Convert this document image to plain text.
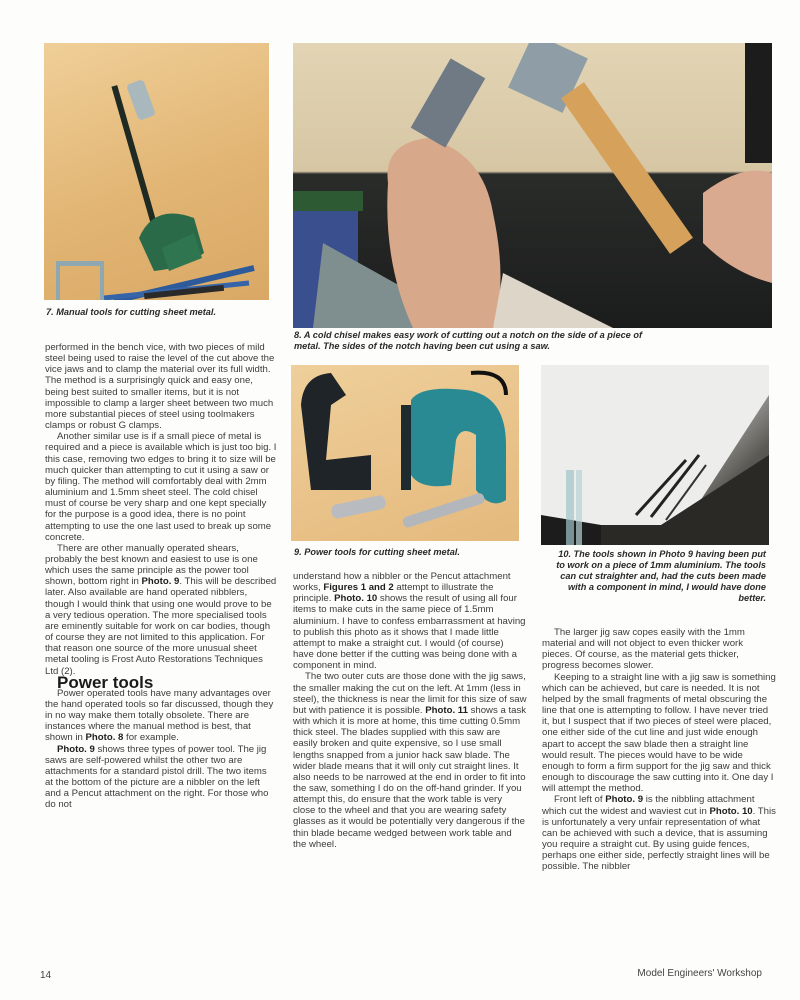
7. Manual tools for cutting sheet metal.
8. A cold chisel makes easy work of cutting out a notch on the side of a piece of metal. The sides of the notch having been cut using a saw.
9. Power tools for cutting sheet metal.	10. The tools shown in Photo 9 having been put to work on a piece of 1mm aluminium. The tools can cut straighter and, had the cuts been made with a component in mind, I would have done better.

performed in the bench vice, with two pieces of mild steel being used to raise the level of the cut above the vice jaws and to clamp the material over its full width. The method is a surprisingly quick and easy one, being best suited to smaller items, but it is not impossible to clamp a larger sheet between two much more substantial pieces of steel using toolmakers clamps or robust G clamps.

Another similar use is if a small piece of metal is required and a piece is available which is just too big. I this case, removing two edges to bring it to size will be much quicker than attempting to cut it using a saw or by filing. The method will comfortably deal with 2mm aluminium and 1.5mm sheet steel. The cold chisel must of course be very sharp and one kept specially for the purpose is a good idea, there is no point attempting to use the one last used to break up some concrete.

There are other manually operated shears, probably the best known and easiest to use is one which uses the same principle as the power tool shown, bottom right in Photo. 9. This will be described later. Also available are hand operated nibblers, though I would think that using one would prove to be a very tedious operation. The more specialised tools are eminently suitable for work on car bodies, though of course they are not limited to this application. For that reason one source of the more unusual sheet metal tooling is Frost Auto Restorations Techniques Ltd (2).

Power tools

Power operated tools have many advantages over the hand operated tools so far discussed, though they in no way make them totally obsolete. There are instances where the manual method is best, that shown in Photo. 8 for example.

Photo. 9 shows three types of power tool. The jig saws are self-powered whilst the other two are attachments for a standard pistol drill. The two items at the bottom of the picture are a nibbler on the left and a Pencut attachment on the right. For those who do not

understand how a nibbler or the Pencut attachment works, Figures 1 and 2 attempt to illustrate the principle. Photo. 10 shows the result of using all four items to make cuts in the same piece of 1.5mm aluminium. I have to confess embarrassment at having to publish this photo as it shows that I made little attempt to make a straight cut. I would (of course) have done better if the cutting was being done with a component in mind.

The two outer cuts are those done with the jig saws, the smaller making the cut on the left. At 1mm (less in steel), the thickness is near the limit for this size of saw but with patience it is possible. Photo. 11 shows a task with which it is more at home, this time cutting 0.5mm thick steel. The blades supplied with this saw are easily broken and quite expensive, so I use small lengths snapped from a junior hack saw blade. The wider blade means that it will only cut straight lines. It also needs to be narrowed at the end in order to fit into the saw, something I do on the off-hand grinder. If you attempt this, do ensure that the work table is very close to the wheel and that you are wearing safety glasses as it would be potentially very dangerous if the thin blade became wedged between work table and the wheel.

The larger jig saw copes easily with the 1mm material and will not object to even thicker work pieces. Of course, as the material gets thicker, progress becomes slower.

Keeping to a straight line with a jig saw is something which can be achieved, but care is needed. It is not helped by the small fragments of metal obscuring the line that one is attempting to follow. I have never tried it, but I suspect that if two pieces of steel were placed, one either side of the cut line and just wide enough apart to accept the saw blade then a straight line would result. The pieces would have to be wide enough to form a firm support for the jig saw and thick enough to discourage the saw cutting into it. One day I will attempt the method.

Front left of Photo. 9 is the nibbling attachment which cut the widest and waviest cut in Photo. 10. This is unfortunately a very unfair representation of what can be achieved with such a device, that is assuming you require a straight cut. By using guide fences, perhaps one either side, perfectly straight lines will be possible. The nibbler

14	Model Engineers' Workshop
